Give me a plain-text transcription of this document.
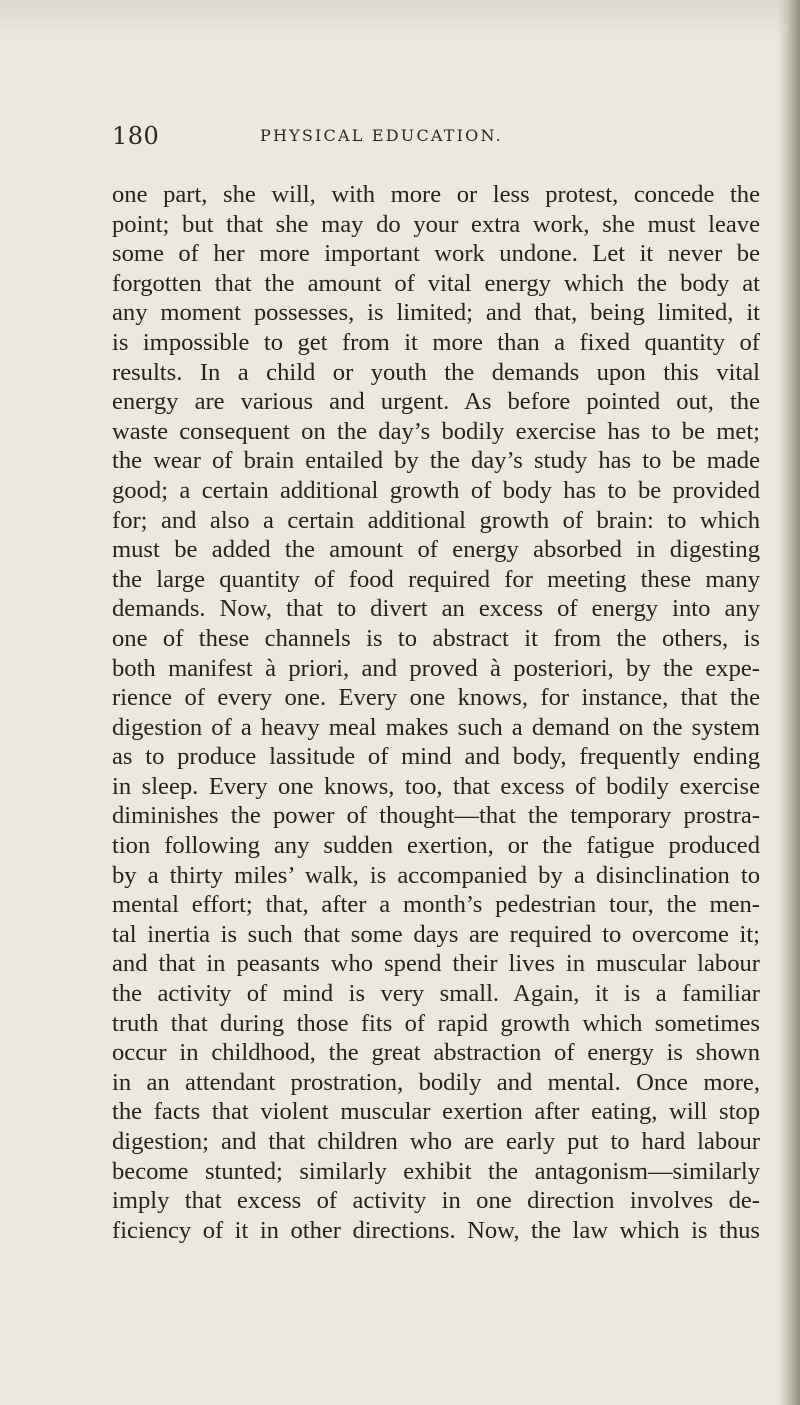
180	PHYSICAL EDUCATION.
one part, she will, with more or less protest, concede the
point; but that she may do your extra work, she must leave
some of her more important work undone. Let it never be
forgotten that the amount of vital energy which the body at
any moment possesses, is limited; and that, being limited, it
is impossible to get from it more than a fixed quantity of
results. In a child or youth the demands upon this vital
energy are various and urgent. As before pointed out, the
waste consequent on the day’s bodily exercise has to be met;
the wear of brain entailed by the day’s study has to be made
good; a certain additional growth of body has to be provided
for; and also a certain additional growth of brain: to which
must be added the amount of energy absorbed in digesting
the large quantity of food required for meeting these many
demands. Now, that to divert an excess of energy into any
one of these channels is to abstract it from the others, is
both manifest à priori, and proved à posteriori, by the expe-
rience of every one. Every one knows, for instance, that the
digestion of a heavy meal makes such a demand on the system
as to produce lassitude of mind and body, frequently ending
in sleep. Every one knows, too, that excess of bodily exercise
diminishes the power of thought—that the temporary prostra-
tion following any sudden exertion, or the fatigue produced
by a thirty miles’ walk, is accompanied by a disinclination to
mental effort; that, after a month’s pedestrian tour, the men-
tal inertia is such that some days are required to overcome it;
and that in peasants who spend their lives in muscular labour
the activity of mind is very small. Again, it is a familiar
truth that during those fits of rapid growth which sometimes
occur in childhood, the great abstraction of energy is shown
in an attendant prostration, bodily and mental. Once more,
the facts that violent muscular exertion after eating, will stop
digestion; and that children who are early put to hard labour
become stunted; similarly exhibit the antagonism—similarly
imply that excess of activity in one direction involves de-
ficiency of it in other directions. Now, the law which is thus
